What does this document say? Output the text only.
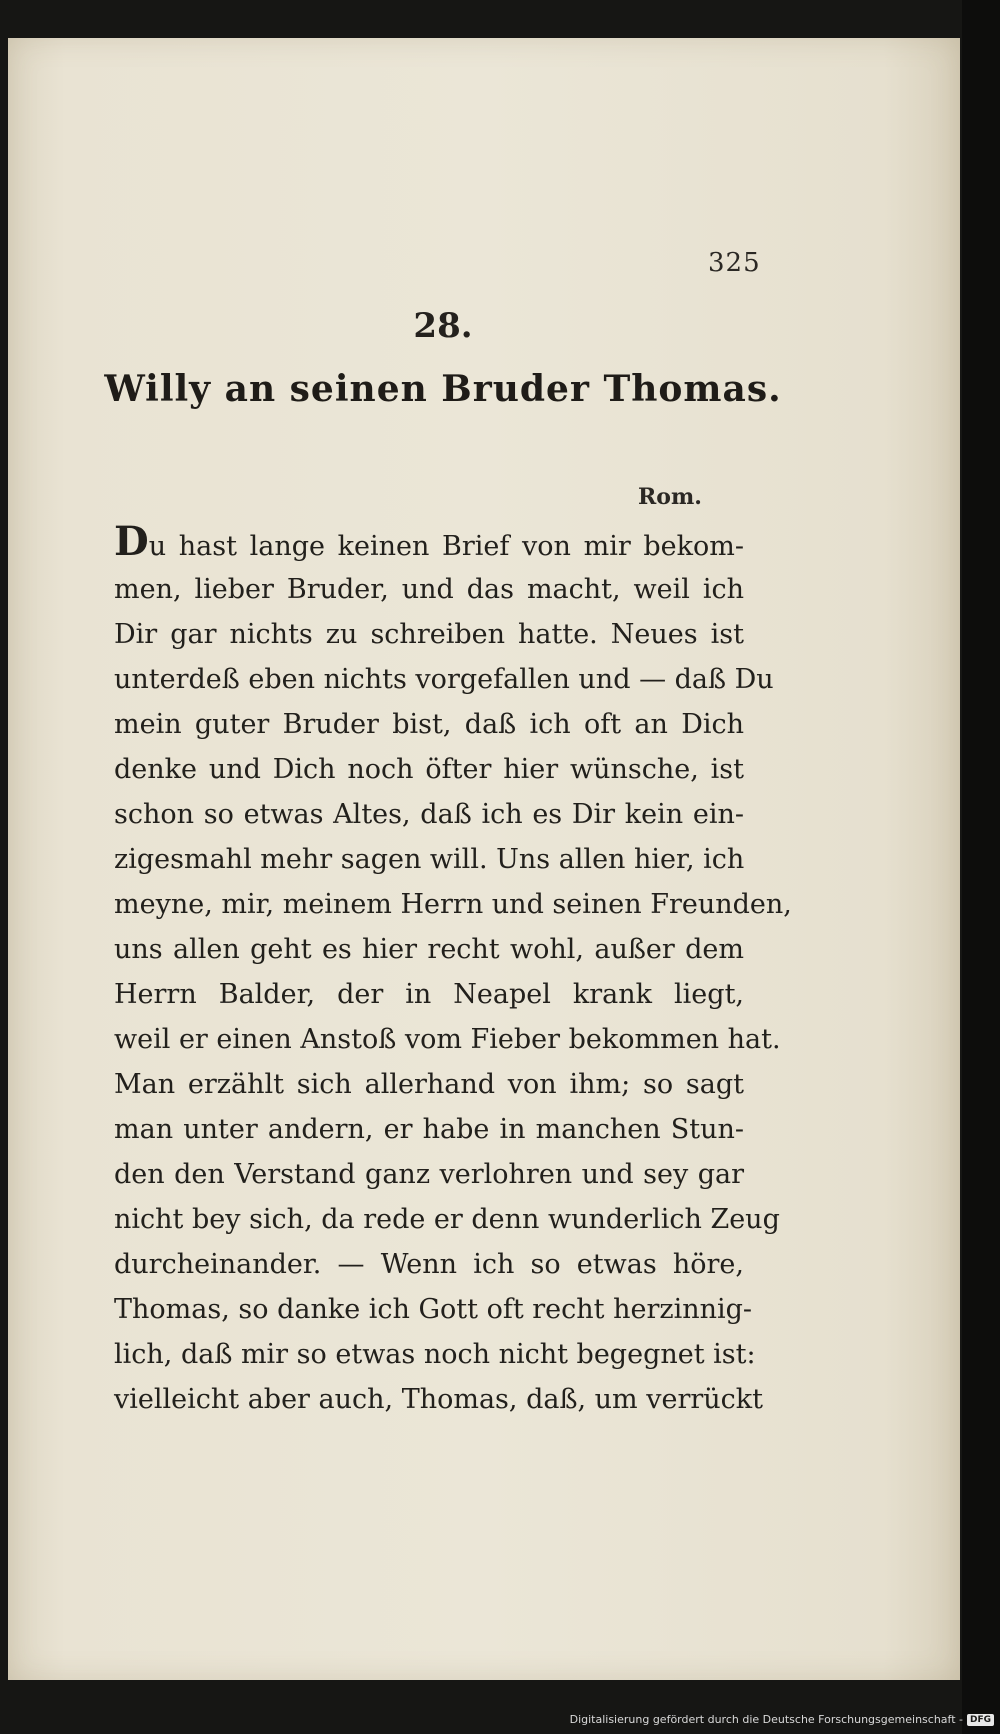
325
28.
Willy an seinen Bruder Thomas.
Rom.
Du hast lange keinen Brief von mir bekom-
men, lieber Bruder, und das macht, weil ich
Dir gar nichts zu schreiben hatte. Neues ist
unterdeß eben nichts vorgefallen und — daß Du
mein guter Bruder bist, daß ich oft an Dich
denke und Dich noch öfter hier wünsche, ist
schon so etwas Altes, daß ich es Dir kein ein-
zigesmahl mehr sagen will. Uns allen hier, ich
meyne, mir, meinem Herrn und seinen Freunden,
uns allen geht es hier recht wohl, außer dem
Herrn Balder, der in Neapel krank liegt,
weil er einen Anstoß vom Fieber bekommen hat.
Man erzählt sich allerhand von ihm; so sagt
man unter andern, er habe in manchen Stun-
den den Verstand ganz verlohren und sey gar
nicht bey sich, da rede er denn wunderlich Zeug
durcheinander. — Wenn ich so etwas höre,
Thomas, so danke ich Gott oft recht herzinnig-
lich, daß mir so etwas noch nicht begegnet ist:
vielleicht aber auch, Thomas, daß, um verrückt
Digitalisierung gefördert durch die Deutsche Forschungsgemeinschaft - DFG
